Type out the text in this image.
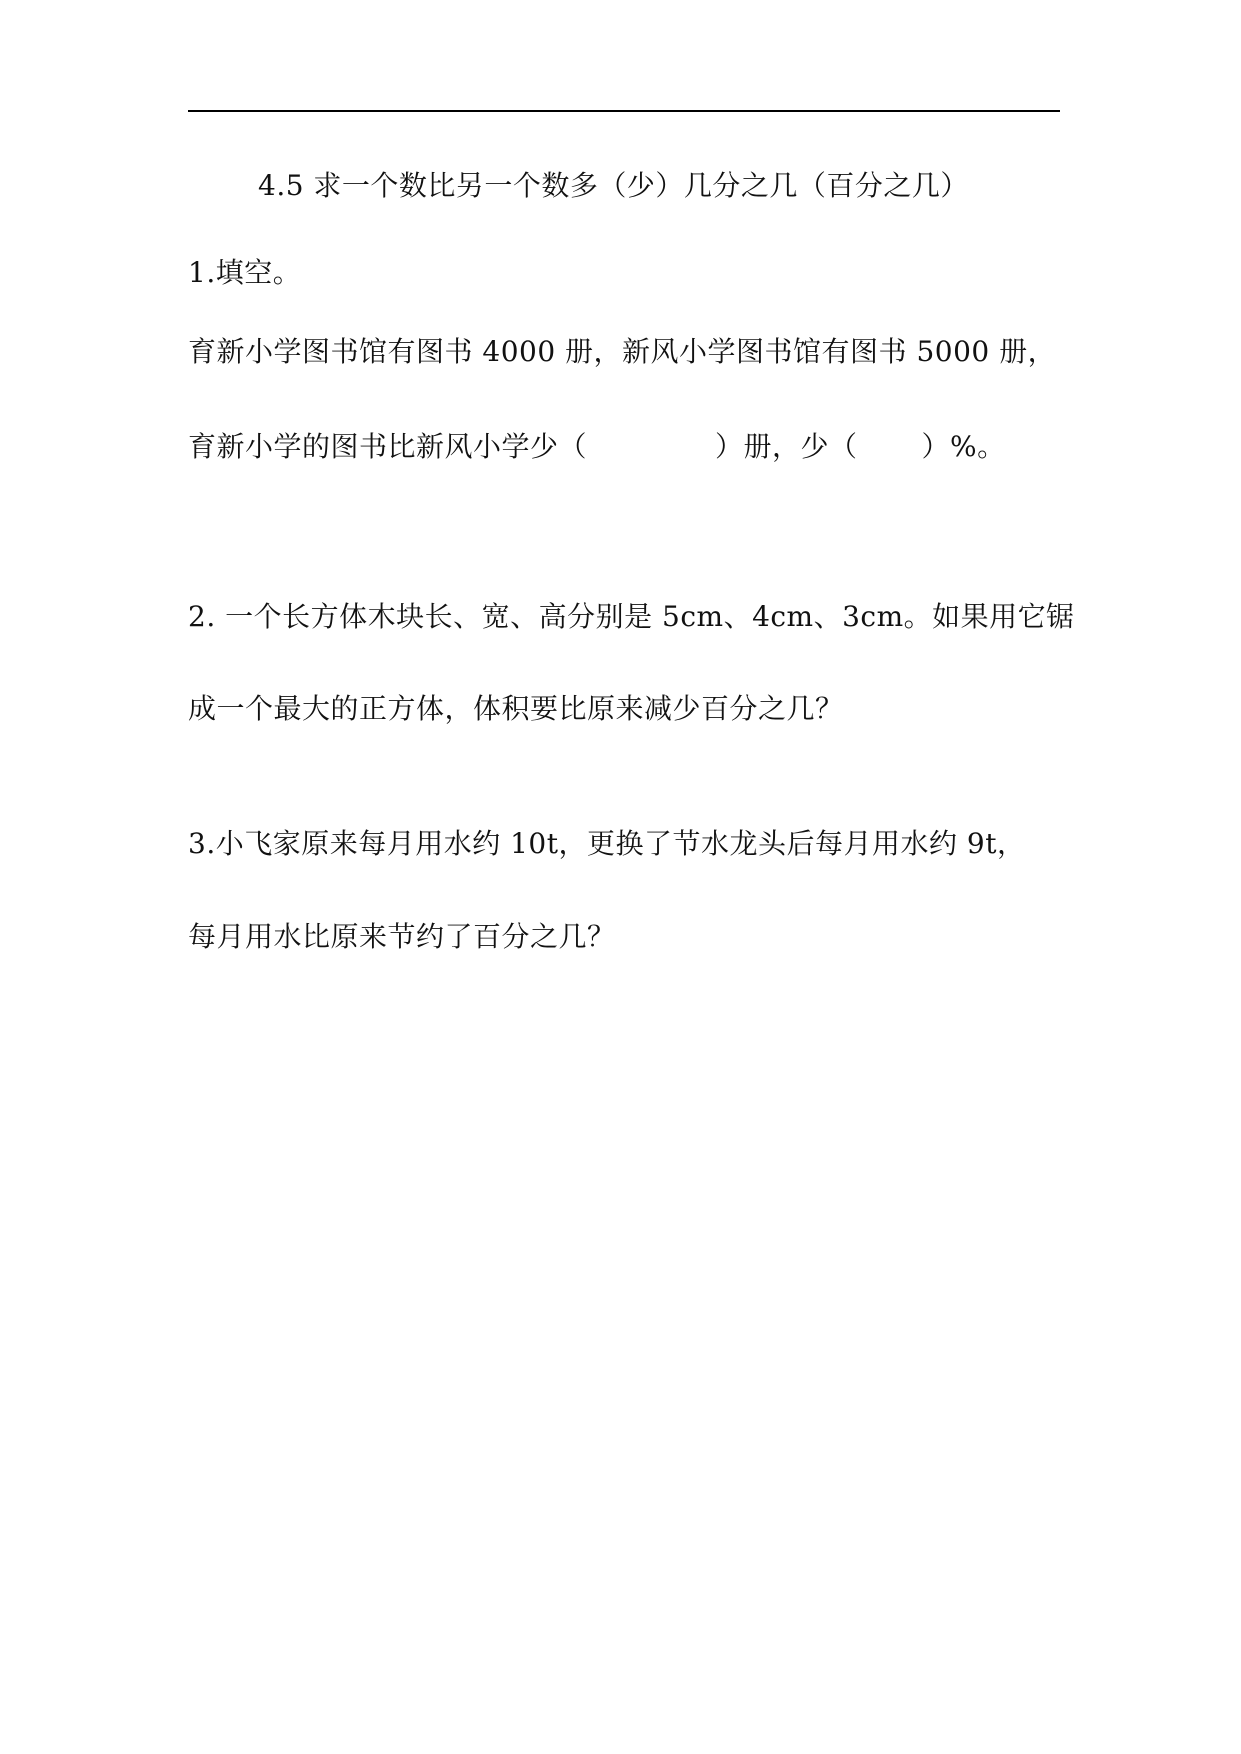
4.5 求一个数比另一个数多（少）几分之几（百分之几）
1.填空。
育新小学图书馆有图书 4000 册，新风小学图书馆有图书 5000 册，
育新小学的图书比新风小学少（	）册，少（ ）%。
2. 一个长方体木块长、宽、高分别是 5cm、4cm、3cm。如果用它锯
成一个最大的正方体，体积要比原来减少百分之几？
3.小飞家原来每月用水约 10t，更换了节水龙头后每月用水约 9t，
每月用水比原来节约了百分之几？
